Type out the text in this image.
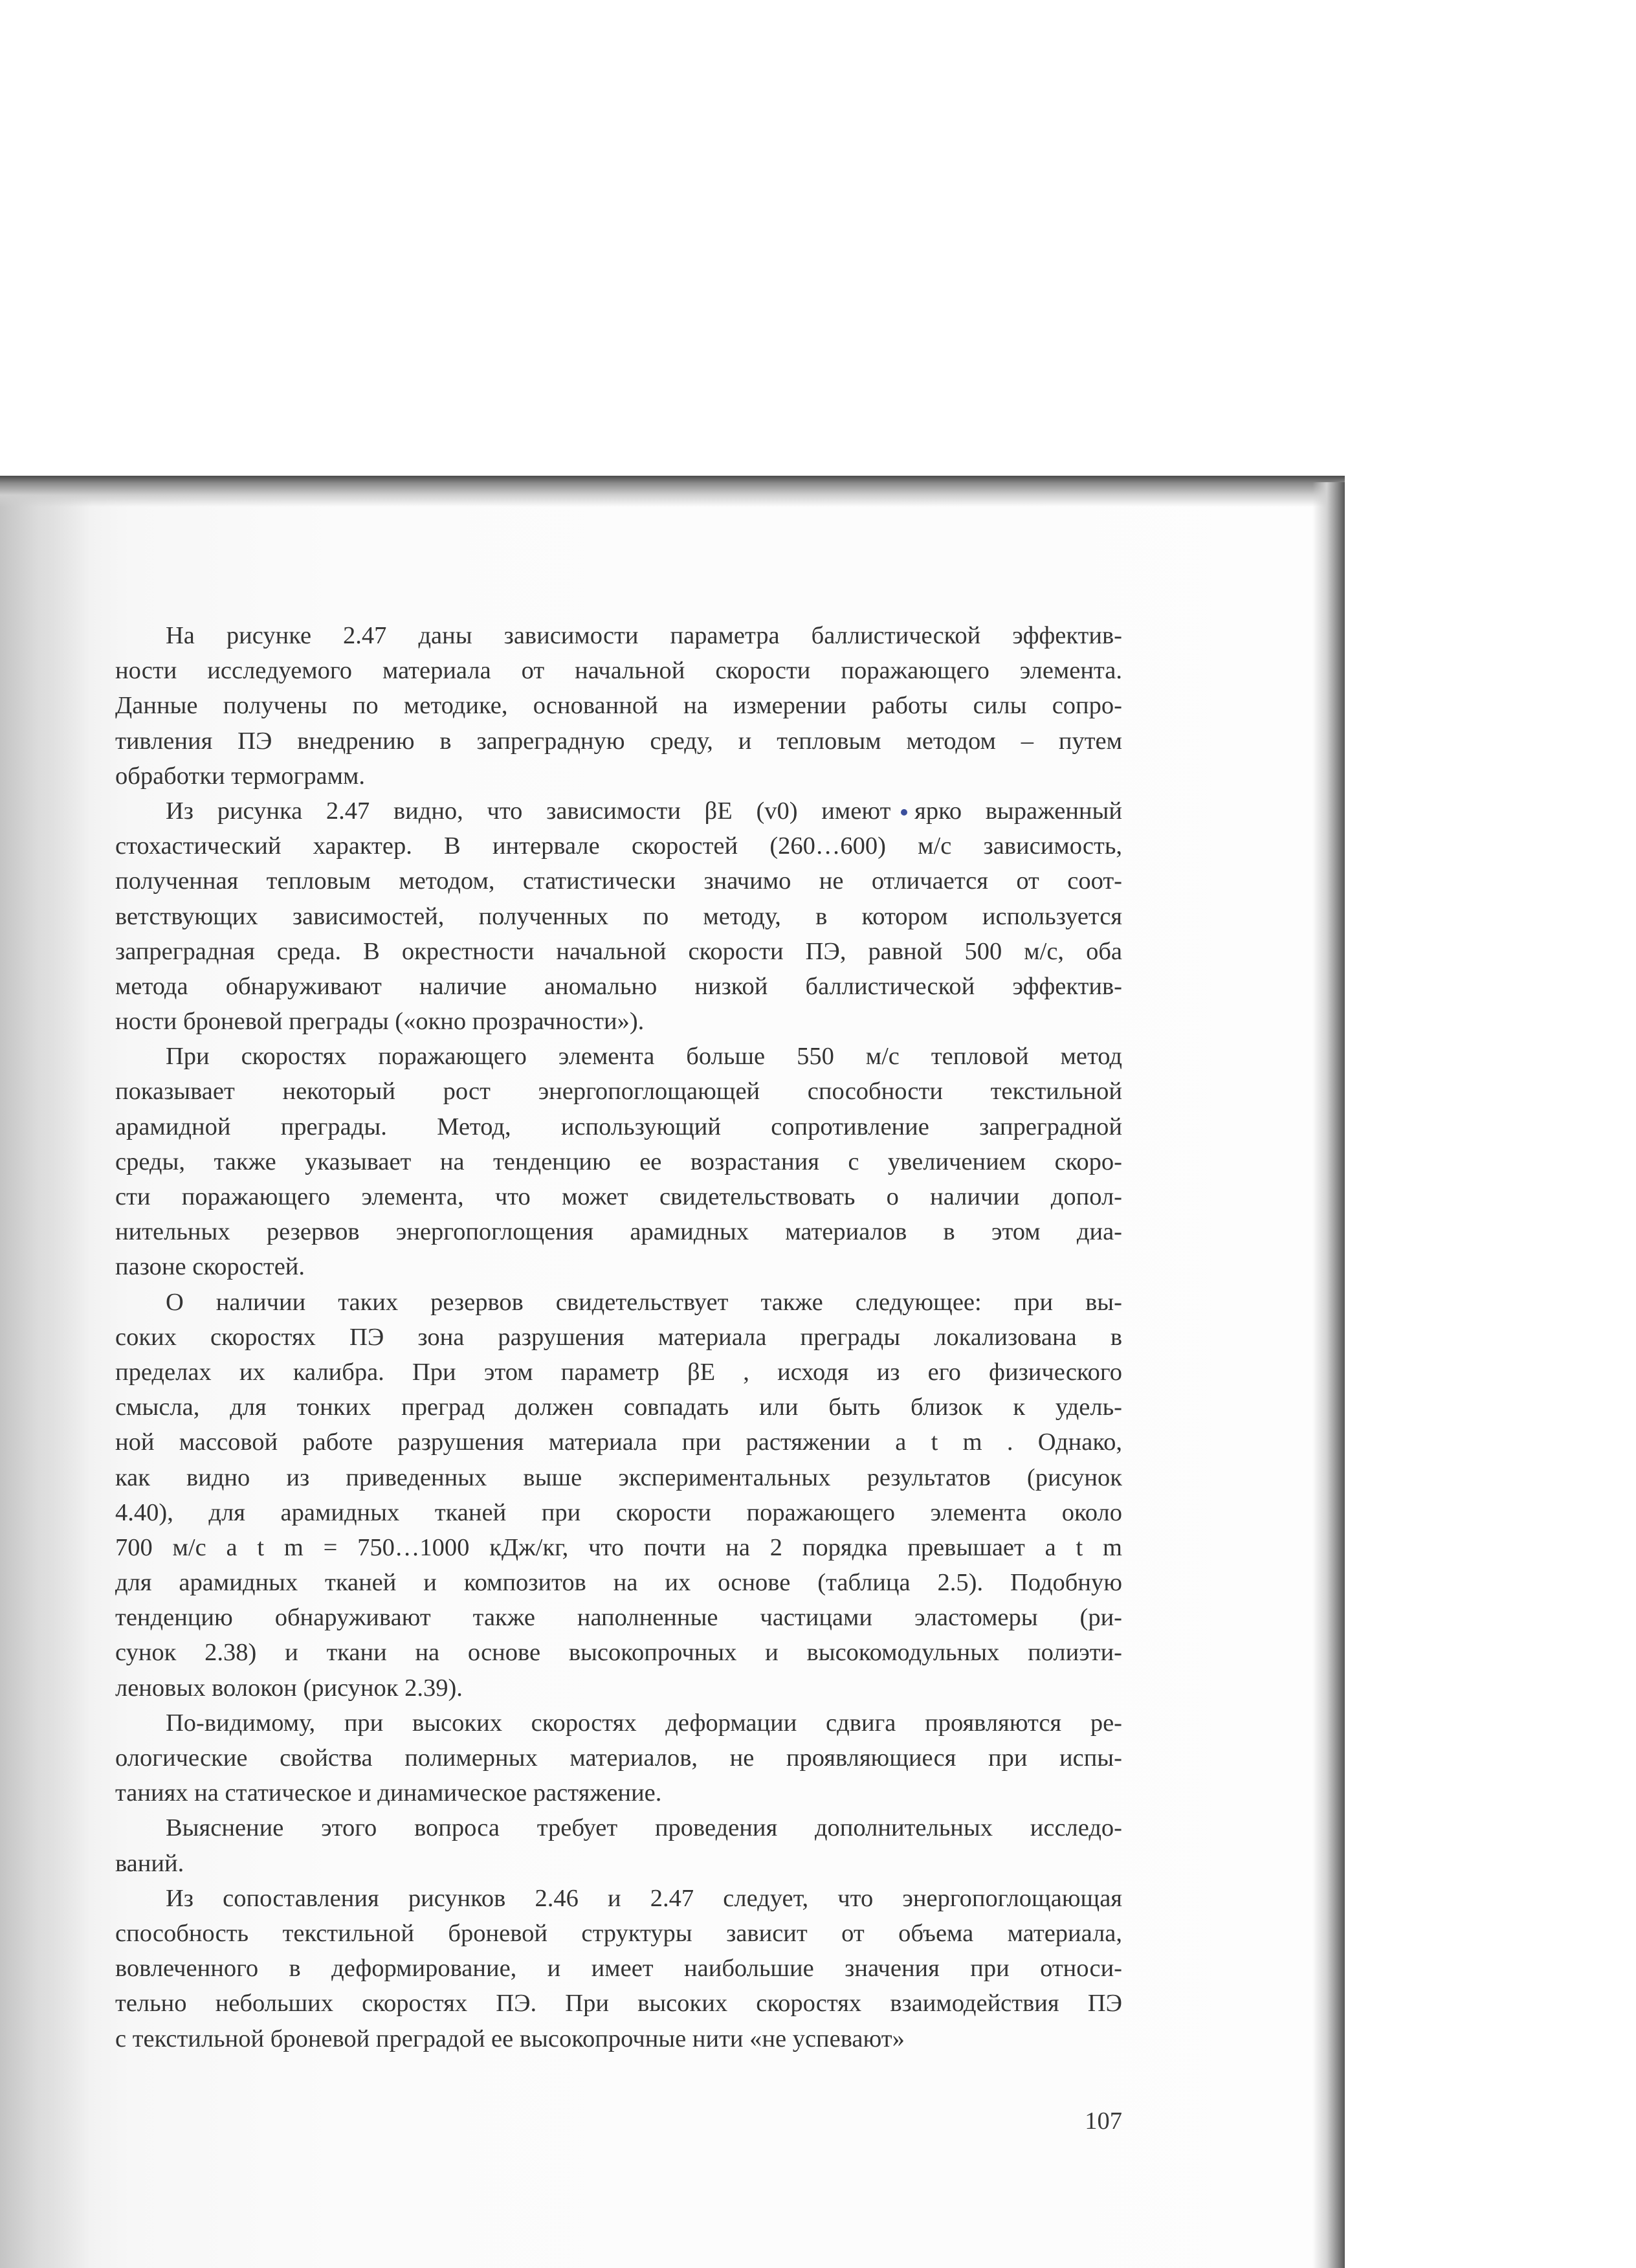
На рисунке 2.47 даны зависимости параметра баллистической эффектив-
ности исследуемого материала от начальной скорости поражающего элемента.
Данные получены по методике, основанной на измерении работы силы сопро-
тивления ПЭ внедрению в запреградную среду, и тепловым методом – путем
обработки термограмм.
Из рисунка 2.47 видно, что зависимости βE (v0) имеют ярко выраженный
стохастический характер. В интервале скоростей (260…600) м/с зависимость,
полученная тепловым методом, статистически значимо не отличается от соот-
ветствующих зависимостей, полученных по методу, в котором используется
запреградная среда. В окрестности начальной скорости ПЭ, равной 500 м/с, оба
метода обнаруживают наличие аномально низкой баллистической эффектив-
ности броневой преграды («окно прозрачности»).
При скоростях поражающего элемента больше 550 м/с тепловой метод
показывает некоторый рост энергопоглощающей способности текстильной
арамидной преграды. Метод, использующий сопротивление запреградной
среды, также указывает на тенденцию ее возрастания с увеличением скоро-
сти поражающего элемента, что может свидетельствовать о наличии допол-
нительных резервов энергопоглощения арамидных материалов в этом диа-
пазоне скоростей.
О наличии таких резервов свидетельствует также следующее: при вы-
соких скоростях ПЭ зона разрушения материала преграды локализована в
пределах их калибра. При этом параметр βE , исходя из его физического
смысла, для тонких преград должен совпадать или быть близок к удель-
ной массовой работе разрушения материала при растяжении a t m . Однако,
как видно из приведенных выше экспериментальных результатов (рисунок
4.40), для арамидных тканей при скорости поражающего элемента около
700 м/с a t m = 750…1000 кДж/кг, что почти на 2 порядка превышает a t m
для арамидных тканей и композитов на их основе (таблица 2.5). Подобную
тенденцию обнаруживают также наполненные частицами эластомеры (ри-
сунок 2.38) и ткани на основе высокопрочных и высокомодульных полиэти-
леновых волокон (рисунок 2.39).
По-видимому, при высоких скоростях деформации сдвига проявляются ре-
ологические свойства полимерных материалов, не проявляющиеся при испы-
таниях на статическое и динамическое растяжение.
Выяснение этого вопроса требует проведения дополнительных исследо-
ваний.
Из сопоставления рисунков 2.46 и 2.47 следует, что энергопоглощающая
способность текстильной броневой структуры зависит от объема материала,
вовлеченного в деформирование, и имеет наибольшие значения при относи-
тельно небольших скоростях ПЭ. При высоких скоростях взаимодействия ПЭ
с текстильной броневой преградой ее высокопрочные нити «не успевают»
107
